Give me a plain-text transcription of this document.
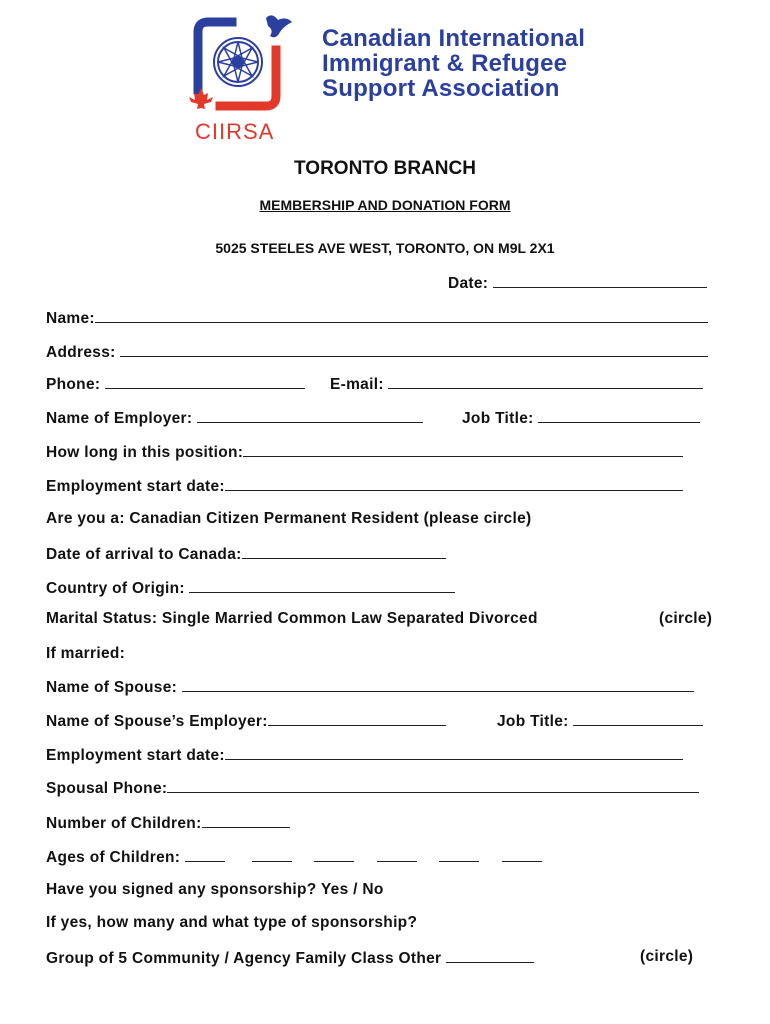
Canadian International
Immigrant & Refugee
Support Association
CIIRSA
TORONTO BRANCH
MEMBERSHIP AND DONATION FORM
5025 STEELES AVE WEST, TORONTO, ON M9L 2X1
Date:
Name:
Address:
Phone:	E-mail:
Name of Employer:	Job Title:
How long in this position:
Employment start date:
Are you a: Canadian Citizen Permanent Resident (please circle)
Date of arrival to Canada:
Country of Origin:
Marital Status: Single Married Common Law Separated Divorced	(circle)
If married:
Name of Spouse:
Name of Spouse’s Employer:	Job Title:
Employment start date:
Spousal Phone:
Number of Children:
Ages of Children:
Have you signed any sponsorship? Yes / No
If yes, how many and what type of sponsorship?
Group of 5 Community / Agency Family Class Other	(circle)
